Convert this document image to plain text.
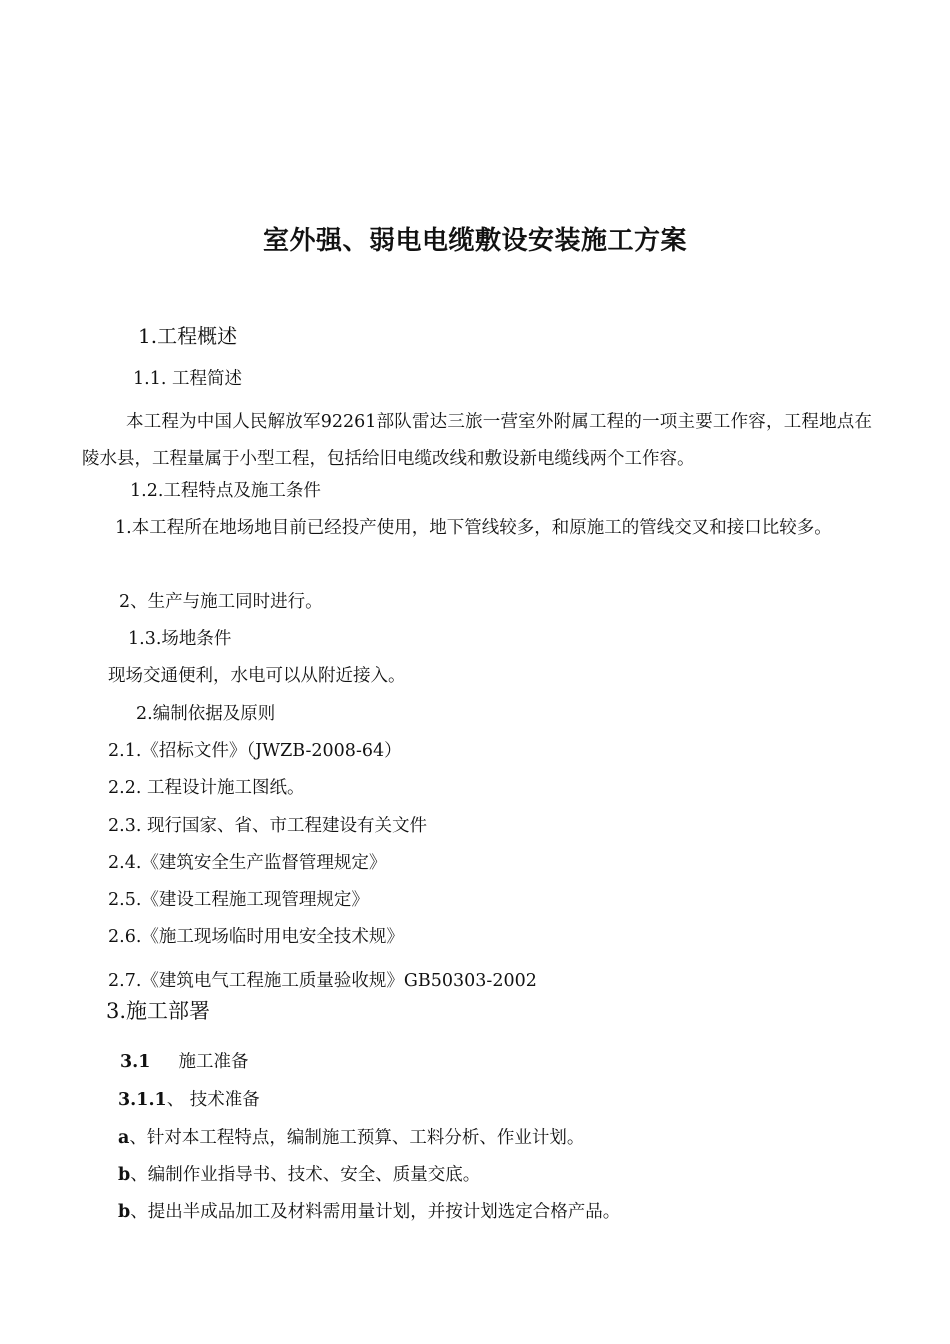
室外强、弱电电缆敷设安装施工方案
1.工程概述
1.1. 工程简述
本工程为中国人民解放军92261部队雷达三旅一营室外附属工程的一项主要工作容，工程地点在陵水县，工程量属于小型工程，包括给旧电缆改线和敷设新电缆线两个工作容。
1.2.工程特点及施工条件
1.本工程所在地场地目前已经投产使用，地下管线较多，和原施工的管线交叉和接口比较多。
2、生产与施工同时进行。
1.3.场地条件
现场交通便利，水电可以从附近接入。
2.编制依据及原则
2.1.《招标文件》（JWZB-2008-64）
2.2. 工程设计施工图纸。
2.3. 现行国家、省、市工程建设有关文件
2.4.《建筑安全生产监督管理规定》
2.5.《建设工程施工现管理规定》
2.6.《施工现场临时用电安全技术规》
2.7.《建筑电气工程施工质量验收规》GB50303-2002
3.施工部署
3.1 施工准备
3.1.1、 技术准备
a、针对本工程特点，编制施工预算、工料分析、作业计划。
b、编制作业指导书、技术、安全、质量交底。
b、提出半成品加工及材料需用量计划，并按计划选定合格产品。
